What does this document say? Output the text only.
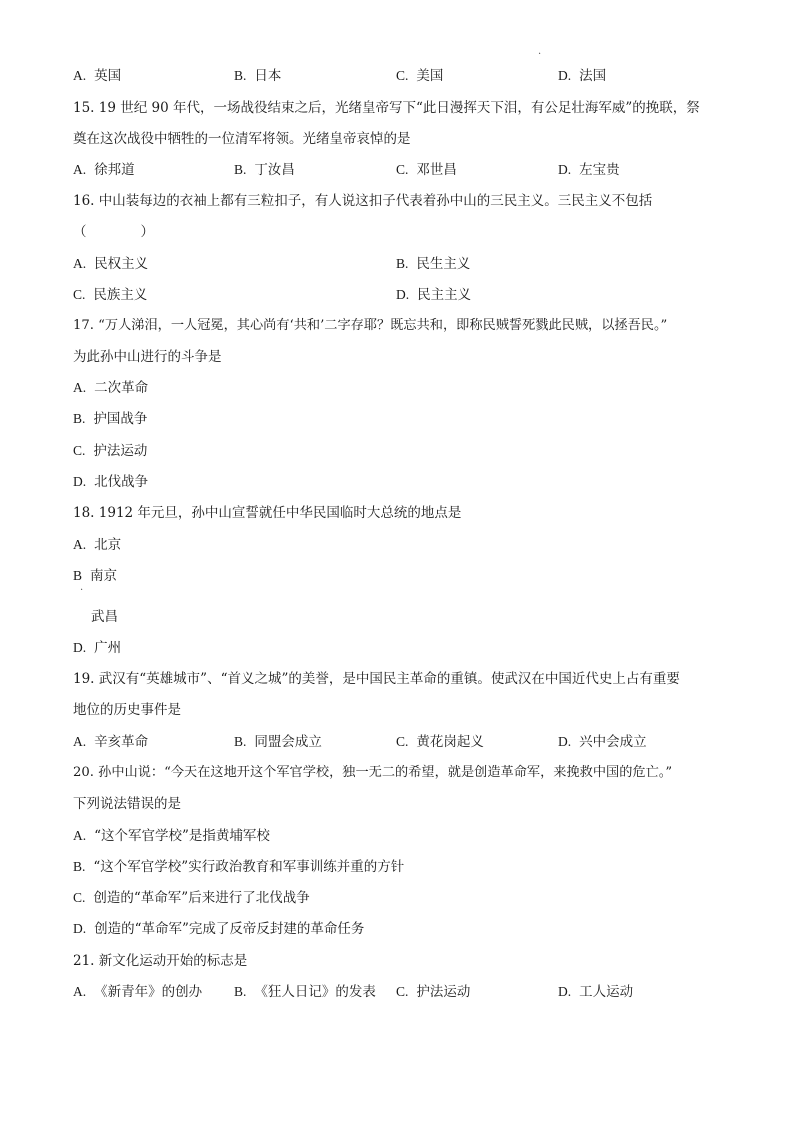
.
.
A. 英国	B. 日本	C. 美国	D. 法国
15. 19 世纪 90 年代，一场战役结束之后，光绪皇帝写下“此日漫挥天下泪，有公足壮海军威”的挽联，祭
奠在这次战役中牺牲的一位清军将领。光绪皇帝哀悼的是
A. 徐邦道	B. 丁汝昌	C. 邓世昌	D. 左宝贵
16. 中山装每边的衣袖上都有三粒扣子，有人说这扣子代表着孙中山的三民主义。三民主义不包括
（　　　　）
A. 民权主义	B. 民生主义
C. 民族主义	D. 民主主义
17. “万人涕泪，一人冠冕，其心尚有‘共和’二字存耶？既忘共和，即称民贼誓死戮此民贼，以拯吾民。”
为此孙中山进行的斗争是
A. 二次革命
B. 护国战争
C. 护法运动
D. 北伐战争
18. 1912 年元旦，孙中山宣誓就任中华民国临时大总统的地点是
A. 北京
B 南京
武昌
D. 广州
19. 武汉有“英雄城市”、“首义之城”的美誉，是中国民主革命的重镇。使武汉在中国近代史上占有重要
地位的历史事件是
A. 辛亥革命	B. 同盟会成立	C. 黄花岗起义	D. 兴中会成立
20. 孙中山说：“今天在这地开这个军官学校，独一无二的希望，就是创造革命军，来挽救中国的危亡。”
下列说法错误的是
A. “这个军官学校”是指黄埔军校
B. “这个军官学校”实行政治教育和军事训练并重的方针
C. 创造的“革命军”后来进行了北伐战争
D. 创造的“革命军”完成了反帝反封建的革命任务
21. 新文化运动开始的标志是
A. 《新青年》的创办 B. 《狂人日记》的发表 C. 护法运动	D. 工人运动
